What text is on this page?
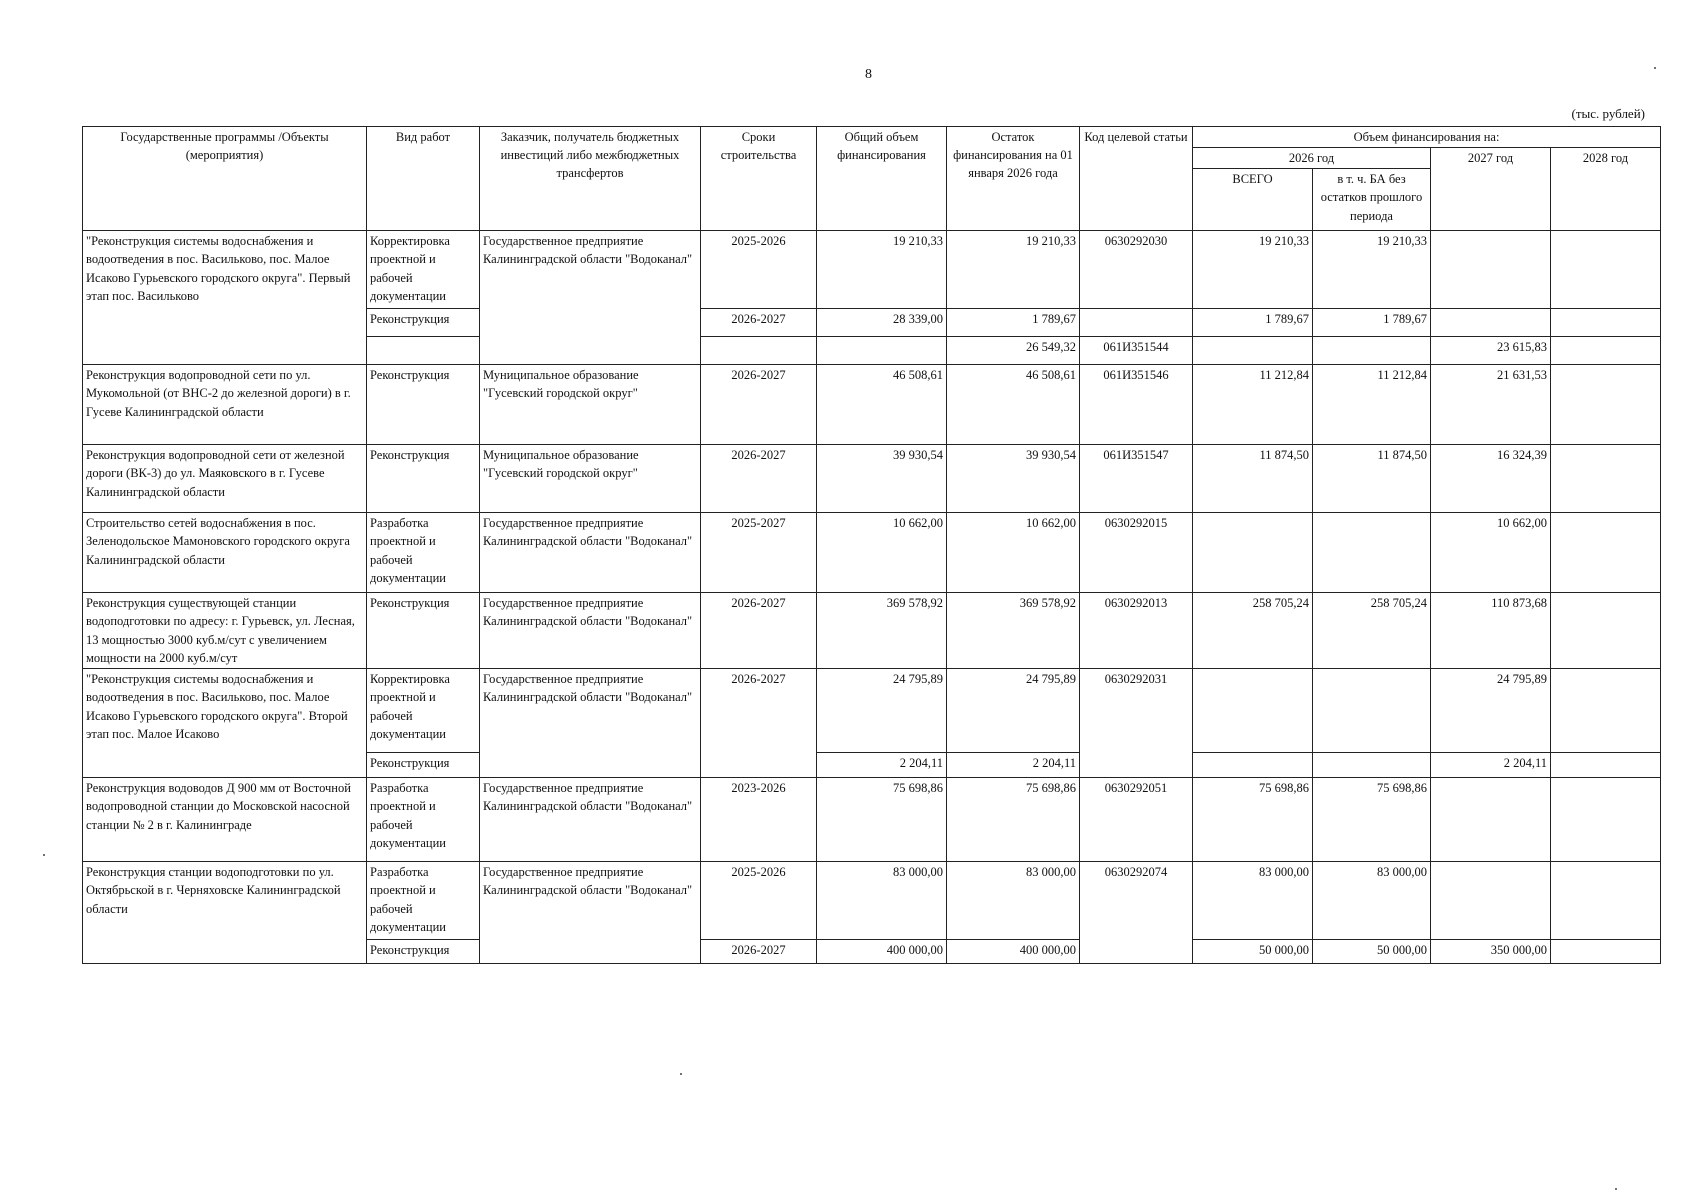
8
(тыс. рублей)
Государственные программы /Объекты (мероприятия)	Вид работ	Заказчик, получатель бюджетных инвестиций либо межбюджетных трансфертов	Сроки строительства	Общий объем финансирования	Остаток финансирования на 01 января 2026 года	Код целевой статьи	Объем финансирования на:			
							2026 год		2027 год	2028 год
							ВСЕГО	в т. ч. БА без остатков прошлого периода		
"Реконструкция системы водоснабжения и водоотведения в пос. Васильково, пос. Малое Исаково Гурьевского городского округа". Первый этап пос. Васильково	Корректировка проектной и рабочей документации	Государственное предприятие Калининградской области "Водоканал"	2025-2026	19 210,33	19 210,33	0630292030	19 210,33	19 210,33		
	Реконструкция		2026-2027	28 339,00	1 789,67		1 789,67	1 789,67		
					26 549,32	061И351544			23 615,83	
Реконструкция водопроводной сети по ул. Мукомольной (от ВНС-2 до железной дороги) в г. Гусеве Калининградской области	Реконструкция	Муниципальное образование "Гусевский городской округ"	2026-2027	46 508,61	46 508,61	061И351546	11 212,84	11 212,84	21 631,53	
Реконструкция водопроводной сети от железной дороги (ВК-3) до ул. Маяковского в г. Гусеве Калининградской области	Реконструкция	Муниципальное образование "Гусевский городской округ"	2026-2027	39 930,54	39 930,54	061И351547	11 874,50	11 874,50	16 324,39	
Строительство сетей водоснабжения в пос. Зеленодольское Мамоновского городского округа Калининградской области	Разработка проектной и рабочей документации	Государственное предприятие Калининградской области "Водоканал"	2025-2027	10 662,00	10 662,00	0630292015			10 662,00	
Реконструкция существующей станции водоподготовки по адресу: г. Гурьевск, ул. Лесная, 13 мощностью 3000 куб.м/сут с увеличением мощности на 2000 куб.м/сут	Реконструкция	Государственное предприятие Калининградской области "Водоканал"	2026-2027	369 578,92	369 578,92	0630292013	258 705,24	258 705,24	110 873,68	
"Реконструкция системы водоснабжения и водоотведения в пос. Васильково, пос. Малое Исаково Гурьевского городского округа". Второй этап пос. Малое Исаково	Корректировка проектной и рабочей документации	Государственное предприятие Калининградской области "Водоканал"	2026-2027	24 795,89	24 795,89	0630292031			24 795,89	
	Реконструкция			2 204,11	2 204,11				2 204,11	
Реконструкция водоводов Д 900 мм от Восточной водопроводной станции до Московской насосной станции № 2 в г. Калининграде	Разработка проектной и рабочей документации	Государственное предприятие Калининградской области "Водоканал"	2023-2026	75 698,86	75 698,86	0630292051	75 698,86	75 698,86		
Реконструкция станции водоподготовки по ул. Октябрьской в г. Черняховске Калининградской области	Разработка проектной и рабочей документации	Государственное предприятие Калининградской области "Водоканал"	2025-2026	83 000,00	83 000,00	0630292074	83 000,00	83 000,00		
	Реконструкция		2026-2027	400 000,00	400 000,00		50 000,00	50 000,00	350 000,00	
